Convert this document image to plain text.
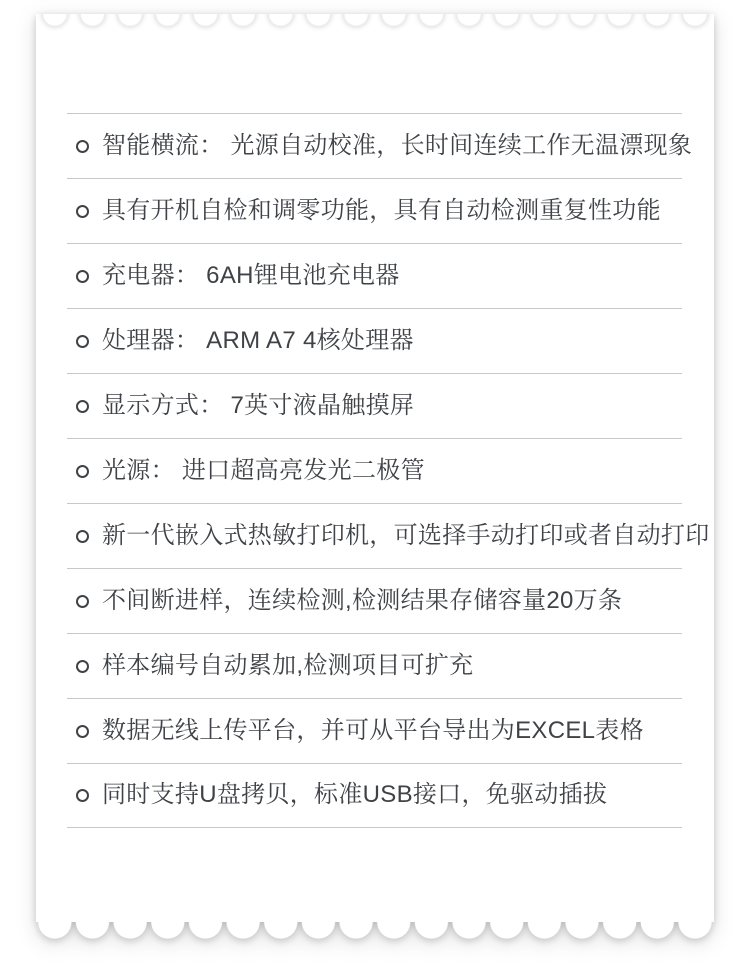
智能横流： 光源自动校准，长时间连续工作无温漂现象
具有开机自检和调零功能，具有自动检测重复性功能
充电器： 6AH锂电池充电器
处理器： ARM A7 4核处理器
显示方式： 7英寸液晶触摸屏
光源： 进口超高亮发光二极管
新一代嵌入式热敏打印机，可选择手动打印或者自动打印
不间断进样，连续检测,检测结果存储容量20万条
样本编号自动累加,检测项目可扩充
数据无线上传平台，并可从平台导出为EXCEL表格
同时支持U盘拷贝，标准USB接口，免驱动插拔
